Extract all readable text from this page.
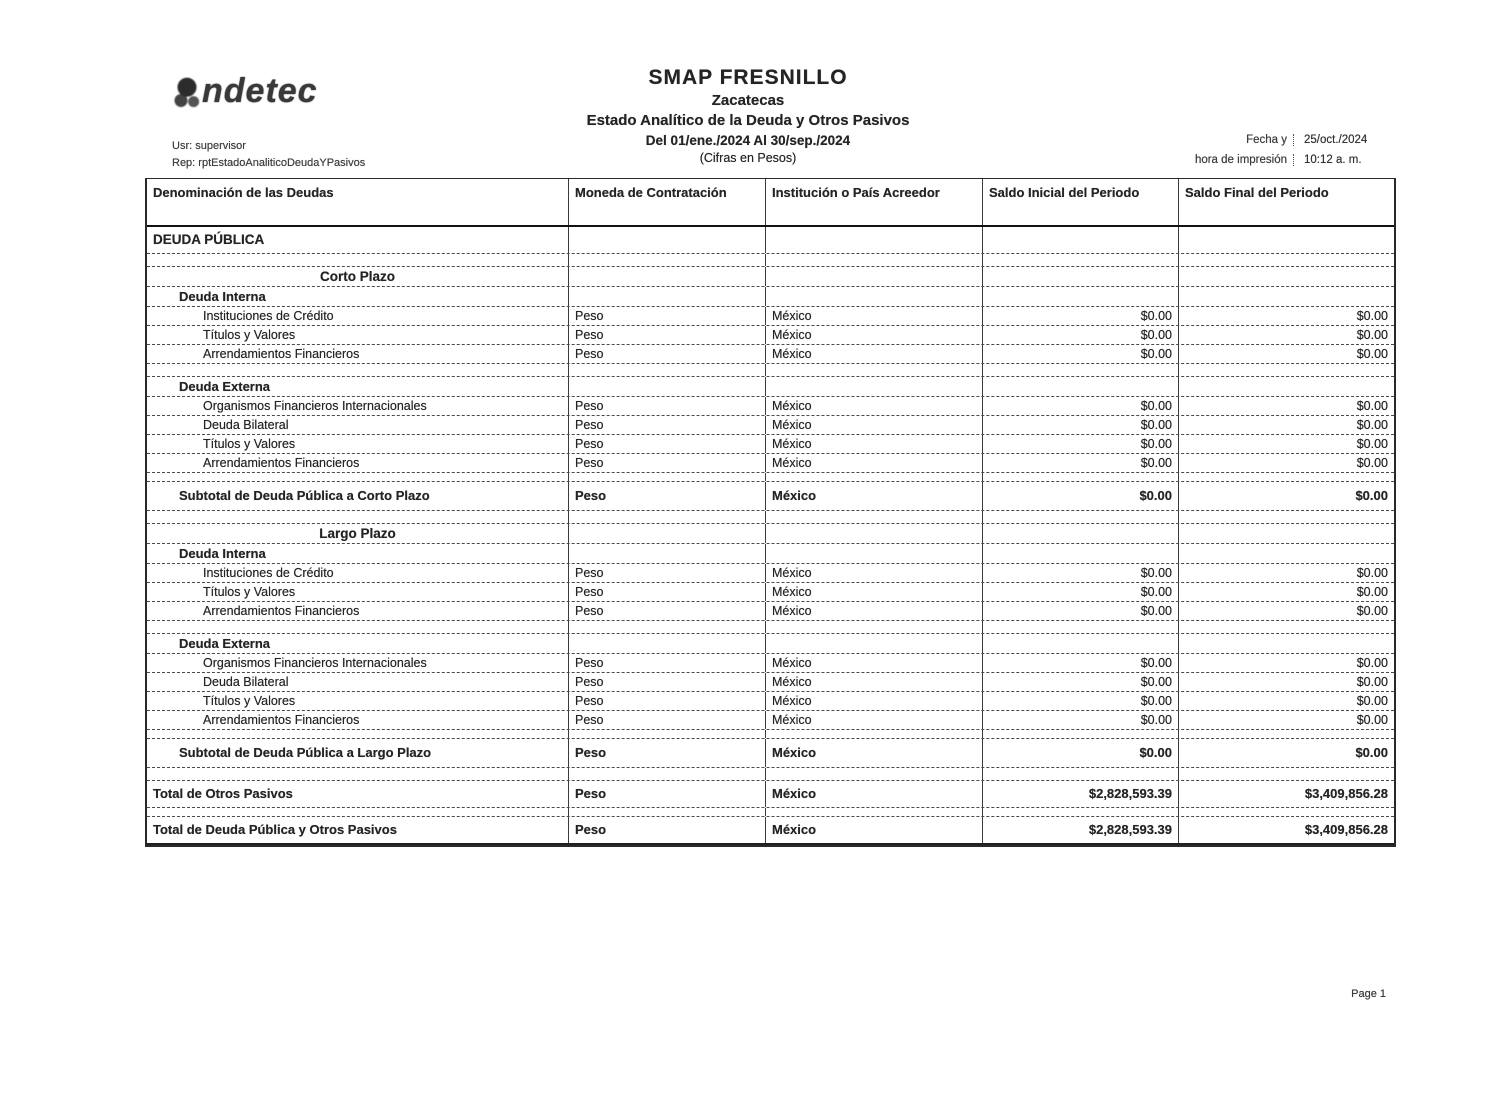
ndetec
Usr: supervisor
Rep: rptEstadoAnaliticoDeudaYPasivos
SMAP FRESNILLO
Zacatecas
Estado Analítico de la Deuda y Otros Pasivos
Del 01/ene./2024 Al 30/sep./2024
(Cifras en Pesos)
Fecha y	25/oct./2024
hora de impresión	10:12 a. m.
Denominación de las Deudas	Moneda de Contratación	Institución o País Acreedor	Saldo Inicial del Periodo	Saldo Final del Periodo
DEUDA PÚBLICA
Corto Plazo
Deuda Interna
Instituciones de Crédito	Peso	México	$0.00	$0.00
Títulos y Valores	Peso	México	$0.00	$0.00
Arrendamientos Financieros	Peso	México	$0.00	$0.00
Deuda Externa
Organismos Financieros Internacionales	Peso	México	$0.00	$0.00
Deuda Bilateral	Peso	México	$0.00	$0.00
Títulos y Valores	Peso	México	$0.00	$0.00
Arrendamientos Financieros	Peso	México	$0.00	$0.00
Subtotal de Deuda Pública a Corto Plazo	Peso	México	$0.00	$0.00
Largo Plazo
Deuda Interna
Instituciones de Crédito	Peso	México	$0.00	$0.00
Títulos y Valores	Peso	México	$0.00	$0.00
Arrendamientos Financieros	Peso	México	$0.00	$0.00
Deuda Externa
Organismos Financieros Internacionales	Peso	México	$0.00	$0.00
Deuda Bilateral	Peso	México	$0.00	$0.00
Títulos y Valores	Peso	México	$0.00	$0.00
Arrendamientos Financieros	Peso	México	$0.00	$0.00
Subtotal de Deuda Pública a Largo Plazo	Peso	México	$0.00	$0.00
Total de Otros Pasivos	Peso	México	$2,828,593.39	$3,409,856.28
Total de Deuda Pública y Otros Pasivos	Peso	México	$2,828,593.39	$3,409,856.28
Page 1
